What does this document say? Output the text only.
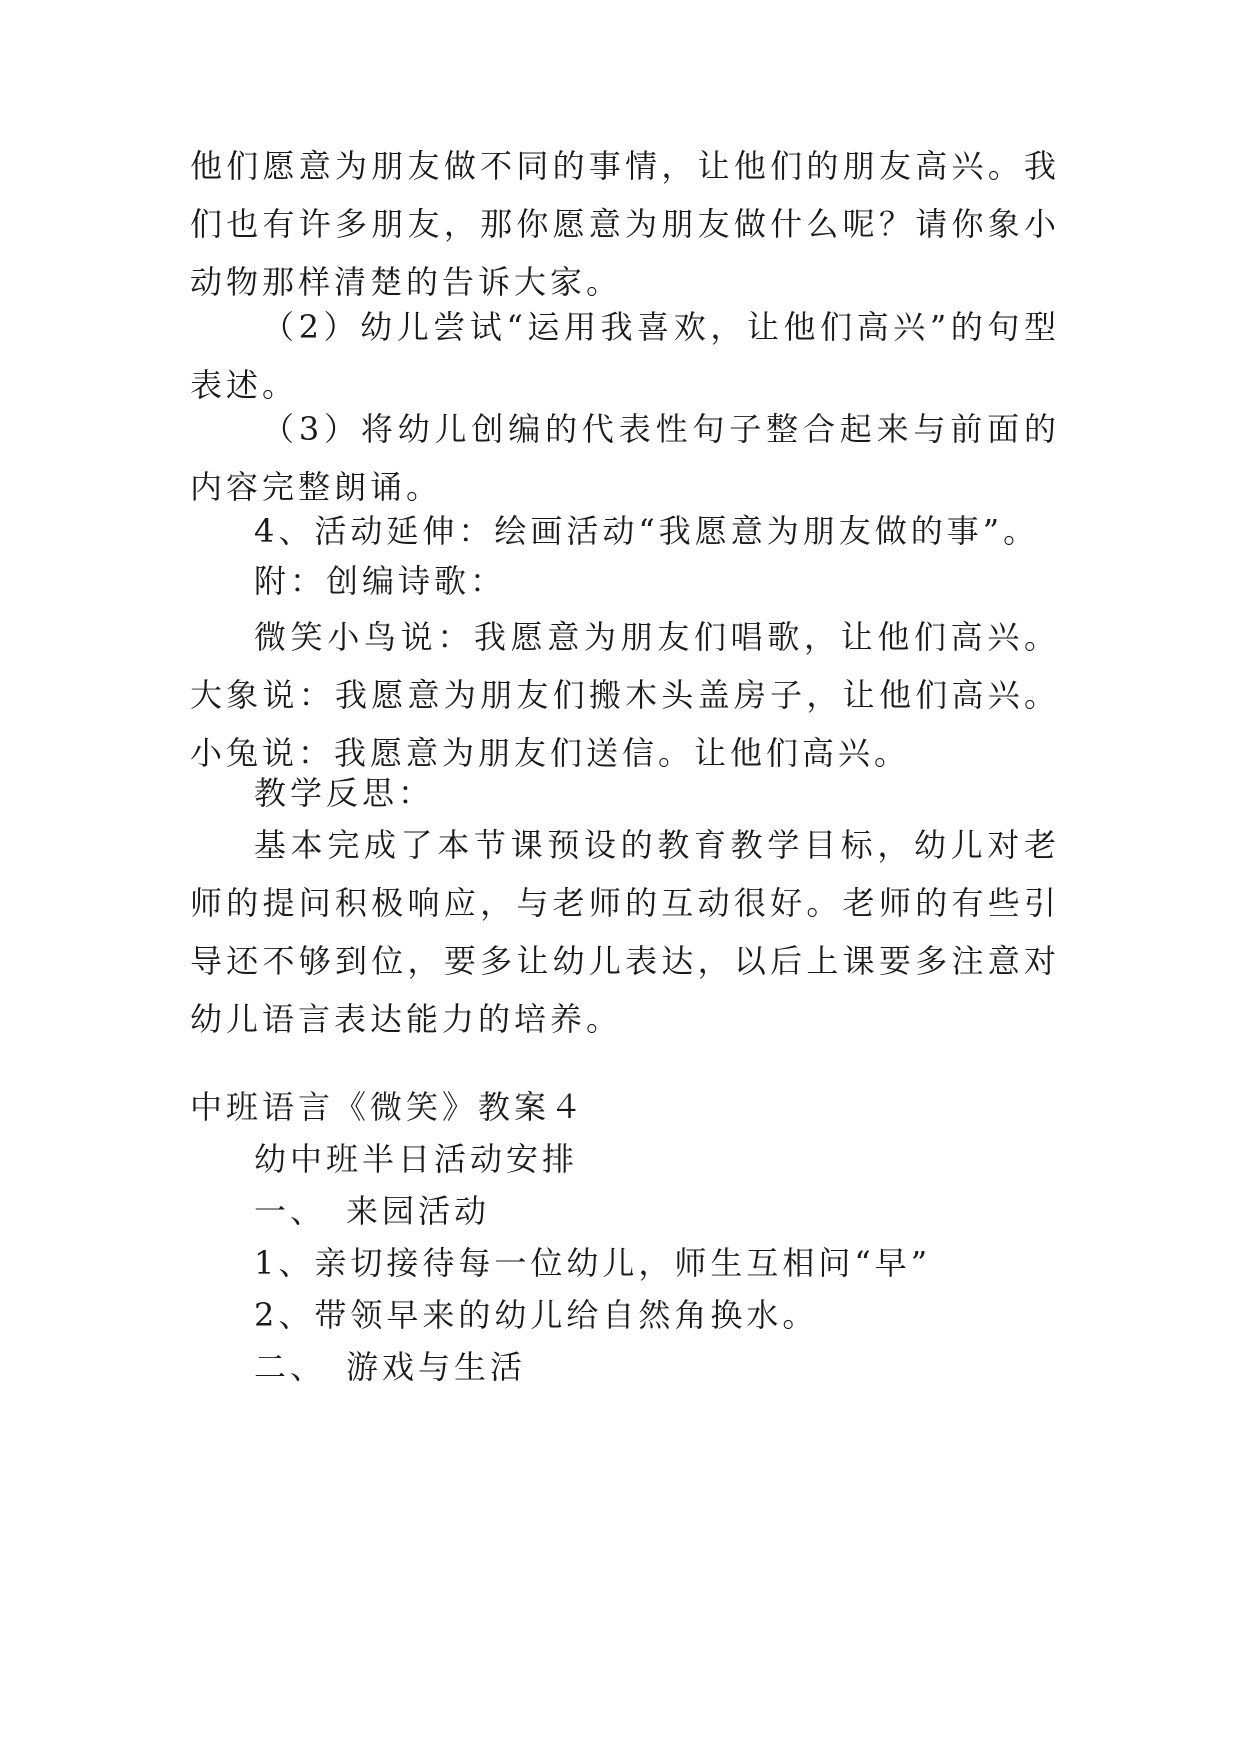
他们愿意为朋友做不同的事情，让他们的朋友高兴。我们也有许多朋友，那你愿意为朋友做什么呢？请你象小动物那样清楚的告诉大家。

（2）幼儿尝试“运用我喜欢，让他们高兴”的句型表述。

（3）将幼儿创编的代表性句子整合起来与前面的内容完整朗诵。

4、活动延伸：绘画活动“我愿意为朋友做的事”。

附：创编诗歌：

微笑小鸟说：我愿意为朋友们唱歌，让他们高兴。大象说：我愿意为朋友们搬木头盖房子，让他们高兴。小兔说：我愿意为朋友们送信。让他们高兴。

教学反思：

基本完成了本节课预设的教育教学目标，幼儿对老师的提问积极响应，与老师的互动很好。老师的有些引导还不够到位，要多让幼儿表达，以后上课要多注意对幼儿语言表达能力的培养。

中班语言《微笑》教案４
幼中班半日活动安排
一、　来园活动
1、亲切接待每一位幼儿，师生互相问“早”
2、带领早来的幼儿给自然角换水。
二、　游戏与生活
